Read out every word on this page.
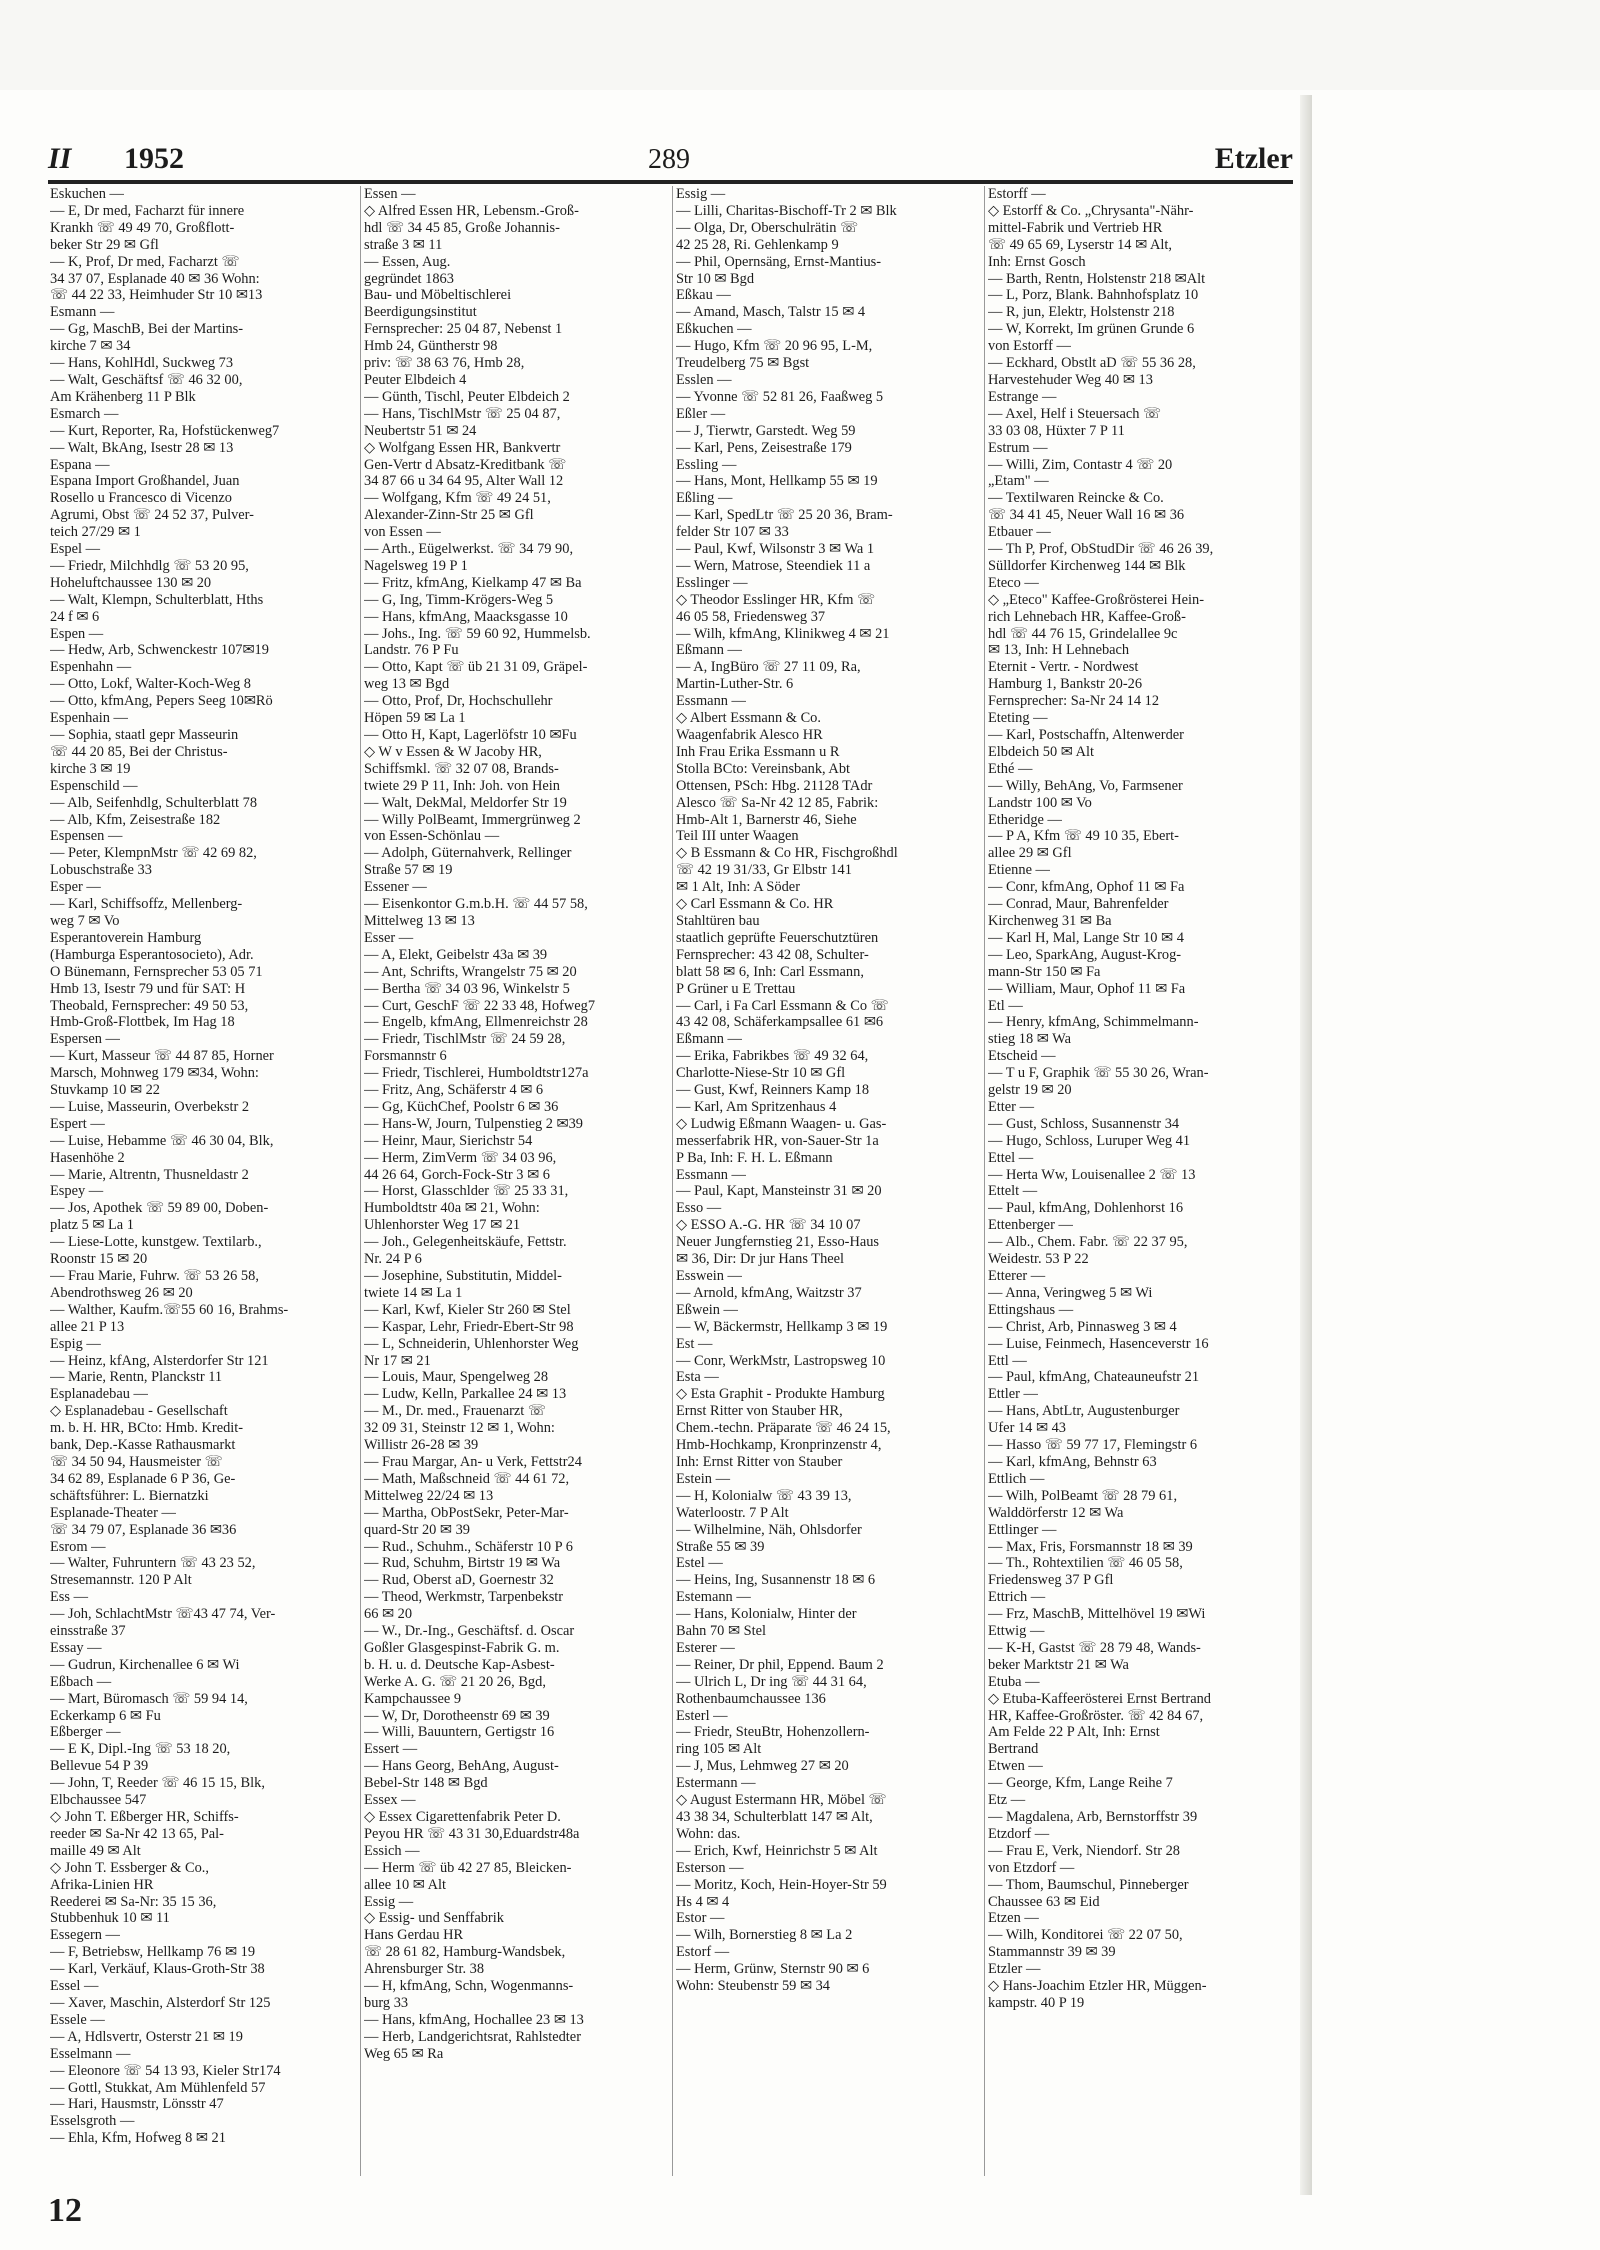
II 1952	289	Etzler
Eskuchen —
— E, Dr med, Facharzt für innere
Krankh ☏ 49 49 70, Großflott-
beker Str 29 ✉ Gfl
— K, Prof, Dr med, Facharzt ☏
34 37 07, Esplanade 40 ✉ 36 Wohn:
☏ 44 22 33, Heimhuder Str 10 ✉13
Esmann —
— Gg, MaschB, Bei der Martins-
kirche 7 ✉ 34
— Hans, KohlHdl, Suckweg 73
— Walt, Geschäftsf ☏ 46 32 00,
Am Krähenberg 11 P Blk
Esmarch —
— Kurt, Reporter, Ra, Hofstückenweg7
— Walt, BkAng, Isestr 28 ✉ 13
Espana —
Espana Import Großhandel, Juan
Rosello u Francesco di Vicenzo
Agrumi, Obst ☏ 24 52 37, Pulver-
teich 27/29 ✉ 1
Espel —
— Friedr, Milchhdlg ☏ 53 20 95,
Hoheluftchaussee 130 ✉ 20
— Walt, Klempn, Schulterblatt, Hths
24 f ✉ 6
Espen —
— Hedw, Arb, Schwenckestr 107✉19
Espenhahn —
— Otto, Lokf, Walter-Koch-Weg 8
— Otto, kfmAng, Pepers Seeg 10✉Rö
Espenhain —
— Sophia, staatl gepr Masseurin
☏ 44 20 85, Bei der Christus-
kirche 3 ✉ 19
Espenschild —
— Alb, Seifenhdlg, Schulterblatt 78
— Alb, Kfm, Zeisestraße 182
Espensen —
— Peter, KlempnMstr ☏ 42 69 82,
Lobuschstraße 33
Esper —
— Karl, Schiffsoffz, Mellenberg-
weg 7 ✉ Vo
Esperantoverein Hamburg
(Hamburga Esperantosocieto), Adr.
O Bünemann, Fernsprecher 53 05 71
Hmb 13, Isestr 79 und für SAT: H
Theobald, Fernsprecher: 49 50 53,
Hmb-Groß-Flottbek, Im Hag 18
Espersen —
— Kurt, Masseur ☏ 44 87 85, Horner
Marsch, Mohnweg 179 ✉34, Wohn:
Stuvkamp 10 ✉ 22
— Luise, Masseurin, Overbekstr 2
Espert —
— Luise, Hebamme ☏ 46 30 04, Blk,
Hasenhöhe 2
— Marie, Altrentn, Thusneldastr 2
Espey —
— Jos, Apothek ☏ 59 89 00, Doben-
platz 5 ✉ La 1
— Liese-Lotte, kunstgew. Textilarb.,
Roonstr 15 ✉ 20
— Frau Marie, Fuhrw. ☏ 53 26 58,
Abendrothsweg 26 ✉ 20
— Walther, Kaufm.☏55 60 16, Brahms-
allee 21 P 13
Espig —
— Heinz, kfAng, Alsterdorfer Str 121
— Marie, Rentn, Planckstr 11
Esplanadebau —
◇ Esplanadebau - Gesellschaft
m. b. H. HR, BCto: Hmb. Kredit-
bank, Dep.-Kasse Rathausmarkt
☏ 34 50 94, Hausmeister ☏
34 62 89, Esplanade 6 P 36, Ge-
schäftsführer: L. Biernatzki
Esplanade-Theater —
☏ 34 79 07, Esplanade 36 ✉36
Esrom —
— Walter, Fuhruntern ☏ 43 23 52,
Stresemannstr. 120 P Alt
Ess —
— Joh, SchlachtMstr ☏43 47 74, Ver-
einsstraße 37
Essay —
— Gudrun, Kirchenallee 6 ✉ Wi
Eßbach —
— Mart, Büromasch ☏ 59 94 14,
Eckerkamp 6 ✉ Fu
Eßberger —
— E K, Dipl.-Ing ☏ 53 18 20,
Bellevue 54 P 39
— John, T, Reeder ☏ 46 15 15, Blk,
Elbchaussee 547
◇ John T. Eßberger HR, Schiffs-
reeder ✉ Sa-Nr 42 13 65, Pal-
maille 49 ✉ Alt
◇ John T. Essberger & Co.,
Afrika-Linien HR
Reederei ✉ Sa-Nr: 35 15 36,
Stubbenhuk 10 ✉ 11
Essegern —
— F, Betriebsw, Hellkamp 76 ✉ 19
— Karl, Verkäuf, Klaus-Groth-Str 38
Essel —
— Xaver, Maschin, Alsterdorf Str 125
Essele —
— A, Hdlsvertr, Osterstr 21 ✉ 19
Esselmann —
— Eleonore ☏ 54 13 93, Kieler Str174
— Gottl, Stukkat, Am Mühlenfeld 57
— Hari, Hausmstr, Lönsstr 47
Esselsgroth —
— Ehla, Kfm, Hofweg 8 ✉ 21
Essen —
◇ Alfred Essen HR, Lebensm.-Groß-
hdl ☏ 34 45 85, Große Johannis-
straße 3 ✉ 11
— Essen, Aug.
gegründet 1863
Bau- und Möbeltischlerei
Beerdigungsinstitut
Fernsprecher: 25 04 87, Nebenst 1
Hmb 24, Güntherstr 98
priv: ☏ 38 63 76, Hmb 28,
Peuter Elbdeich 4
— Günth, Tischl, Peuter Elbdeich 2
— Hans, TischlMstr ☏ 25 04 87,
Neubertstr 51 ✉ 24
◇ Wolfgang Essen HR, Bankvertr
Gen-Vertr d Absatz-Kreditbank ☏
34 87 66 u 34 64 95, Alter Wall 12
— Wolfgang, Kfm ☏ 49 24 51,
Alexander-Zinn-Str 25 ✉ Gfl
von Essen —
— Arth., Eügelwerkst. ☏ 34 79 90,
Nagelsweg 19 P 1
— Fritz, kfmAng, Kielkamp 47 ✉ Ba
— G, Ing, Timm-Krögers-Weg 5
— Hans, kfmAng, Maacksgasse 10
— Johs., Ing. ☏ 59 60 92, Hummelsb.
Landstr. 76 P Fu
— Otto, Kapt ☏ üb 21 31 09, Gräpel-
weg 13 ✉ Bgd
— Otto, Prof, Dr, Hochschullehr
Höpen 59 ✉ La 1
— Otto H, Kapt, Lagerlöfstr 10 ✉Fu
◇ W v Essen & W Jacoby HR,
Schiffsmkl. ☏ 32 07 08, Brands-
twiete 29 P 11, Inh: Joh. von Hein
— Walt, DekMal, Meldorfer Str 19
— Willy PolBeamt, Immergrünweg 2
von Essen-Schönlau —
— Adolph, Güternahverk, Rellinger
Straße 57 ✉ 19
Essener —
— Eisenkontor G.m.b.H. ☏ 44 57 58,
Mittelweg 13 ✉ 13
Esser —
— A, Elekt, Geibelstr 43a ✉ 39
— Ant, Schrifts, Wrangelstr 75 ✉ 20
— Bertha ☏ 34 03 96, Winkelstr 5
— Curt, GeschF ☏ 22 33 48, Hofweg7
— Engelb, kfmAng, Ellmenreichstr 28
— Friedr, TischlMstr ☏ 24 59 28,
Forsmannstr 6
— Friedr, Tischlerei, Humboldtstr127a
— Fritz, Ang, Schäferstr 4 ✉ 6
— Gg, KüchChef, Poolstr 6 ✉ 36
— Hans-W, Journ, Tulpenstieg 2 ✉39
— Heinr, Maur, Sierichstr 54
— Herm, ZimVerm ☏ 34 03 96,
44 26 64, Gorch-Fock-Str 3 ✉ 6
— Horst, Glasschlder ☏ 25 33 31,
Humboldtstr 40a ✉ 21, Wohn:
Uhlenhorster Weg 17 ✉ 21
— Joh., Gelegenheitskäufe, Fettstr.
Nr. 24 P 6
— Josephine, Substitutin, Middel-
twiete 14 ✉ La 1
— Karl, Kwf, Kieler Str 260 ✉ Stel
— Kaspar, Lehr, Friedr-Ebert-Str 98
— L, Schneiderin, Uhlenhorster Weg
Nr 17 ✉ 21
— Louis, Maur, Spengelweg 28
— Ludw, Kelln, Parkallee 24 ✉ 13
— M., Dr. med., Frauenarzt ☏
32 09 31, Steinstr 12 ✉ 1, Wohn:
Willistr 26-28 ✉ 39
— Frau Margar, An- u Verk, Fettstr24
— Math, Maßschneid ☏ 44 61 72,
Mittelweg 22/24 ✉ 13
— Martha, ObPostSekr, Peter-Mar-
quard-Str 20 ✉ 39
— Rud., Schuhm., Schäferstr 10 P 6
— Rud, Schuhm, Birtstr 19 ✉ Wa
— Rud, Oberst aD, Goernestr 32
— Theod, Werkmstr, Tarpenbekstr
66 ✉ 20
— W., Dr.-Ing., Geschäftsf. d. Oscar
Goßler Glasgespinst-Fabrik G. m.
b. H. u. d. Deutsche Kap-Asbest-
Werke A. G. ☏ 21 20 26, Bgd,
Kampchaussee 9
— W, Dr, Dorotheenstr 69 ✉ 39
— Willi, Bauuntern, Gertigstr 16
Essert —
— Hans Georg, BehAng, August-
Bebel-Str 148 ✉ Bgd
Essex —
◇ Essex Cigarettenfabrik Peter D.
Peyou HR ☏ 43 31 30,Eduardstr48a
Essich —
— Herm ☏ üb 42 27 85, Bleicken-
allee 10 ✉ Alt
Essig —
◇ Essig- und Senffabrik
Hans Gerdau HR
☏ 28 61 82, Hamburg-Wandsbek,
Ahrensburger Str. 38
— H, kfmAng, Schn, Wogenmanns-
burg 33
— Hans, kfmAng, Hochallee 23 ✉ 13
— Herb, Landgerichtsrat, Rahlstedter
Weg 65 ✉ Ra
Essig —
— Lilli, Charitas-Bischoff-Tr 2 ✉ Blk
— Olga, Dr, Oberschulrätin ☏
42 25 28, Ri. Gehlenkamp 9
— Phil, Opernsäng, Ernst-Mantius-
Str 10 ✉ Bgd
Eßkau —
— Amand, Masch, Talstr 15 ✉ 4
Eßkuchen —
— Hugo, Kfm ☏ 20 96 95, L-M,
Treudelberg 75 ✉ Bgst
Esslen —
— Yvonne ☏ 52 81 26, Faaßweg 5
Eßler —
— J, Tierwtr, Garstedt. Weg 59
— Karl, Pens, Zeisestraße 179
Essling —
— Hans, Mont, Hellkamp 55 ✉ 19
Eßling —
— Karl, SpedLtr ☏ 25 20 36, Bram-
felder Str 107 ✉ 33
— Paul, Kwf, Wilsonstr 3 ✉ Wa 1
— Wern, Matrose, Steendiek 11 a
Esslinger —
◇ Theodor Esslinger HR, Kfm ☏
46 05 58, Friedensweg 37
— Wilh, kfmAng, Klinikweg 4 ✉ 21
Eßmann —
— A, IngBüro ☏ 27 11 09, Ra,
Martin-Luther-Str. 6
Essmann —
◇ Albert Essmann & Co.
Waagenfabrik Alesco HR
Inh Frau Erika Essmann u R
Stolla BCto: Vereinsbank, Abt
Ottensen, PSch: Hbg. 21128 TAdr
Alesco ☏ Sa-Nr 42 12 85, Fabrik:
Hmb-Alt 1, Barnerstr 46, Siehe
Teil III unter Waagen
◇ B Essmann & Co HR, Fischgroßhdl
☏ 42 19 31/33, Gr Elbstr 141
✉ 1 Alt, Inh: A Söder
◇ Carl Essmann & Co. HR
Stahltüren bau
staatlich geprüfte Feuerschutztüren
Fernsprecher: 43 42 08, Schulter-
blatt 58 ✉ 6, Inh: Carl Essmann,
P Grüner u E Trettau
— Carl, i Fa Carl Essmann & Co ☏
43 42 08, Schäferkampsallee 61 ✉6
Eßmann —
— Erika, Fabrikbes ☏ 49 32 64,
Charlotte-Niese-Str 10 ✉ Gfl
— Gust, Kwf, Reinners Kamp 18
— Karl, Am Spritzenhaus 4
◇ Ludwig Eßmann Waagen- u. Gas-
messerfabrik HR, von-Sauer-Str 1a
P Ba, Inh: F. H. L. Eßmann
Essmann —
— Paul, Kapt, Mansteinstr 31 ✉ 20
Esso —
◇ ESSO A.-G. HR ☏ 34 10 07
Neuer Jungfernstieg 21, Esso-Haus
✉ 36, Dir: Dr jur Hans Theel
Esswein —
— Arnold, kfmAng, Waitzstr 37
Eßwein —
— W, Bäckermstr, Hellkamp 3 ✉ 19
Est —
— Conr, WerkMstr, Lastropsweg 10
Esta —
◇ Esta Graphit - Produkte Hamburg
Ernst Ritter von Stauber HR,
Chem.-techn. Präparate ☏ 46 24 15,
Hmb-Hochkamp, Kronprinzenstr 4,
Inh: Ernst Ritter von Stauber
Estein —
— H, Kolonialw ☏ 43 39 13,
Waterloostr. 7 P Alt
— Wilhelmine, Näh, Ohlsdorfer
Straße 55 ✉ 39
Estel —
— Heins, Ing, Susannenstr 18 ✉ 6
Estemann —
— Hans, Kolonialw, Hinter der
Bahn 70 ✉ Stel
Esterer —
— Reiner, Dr phil, Eppend. Baum 2
— Ulrich L, Dr ing ☏ 44 31 64,
Rothenbaumchaussee 136
Esterl —
— Friedr, SteuBtr, Hohenzollern-
ring 105 ✉ Alt
— J, Mus, Lehmweg 27 ✉ 20
Estermann —
◇ August Estermann HR, Möbel ☏
43 38 34, Schulterblatt 147 ✉ Alt,
Wohn: das.
— Erich, Kwf, Heinrichstr 5 ✉ Alt
Esterson —
— Moritz, Koch, Hein-Hoyer-Str 59
Hs 4 ✉ 4
Estor —
— Wilh, Bornerstieg 8 ✉ La 2
Estorf —
— Herm, Grünw, Sternstr 90 ✉ 6
Wohn: Steubenstr 59 ✉ 34
Estorff —
◇ Estorff & Co. „Chrysanta"-Nähr-
mittel-Fabrik und Vertrieb HR
☏ 49 65 69, Lyserstr 14 ✉ Alt,
Inh: Ernst Gosch
— Barth, Rentn, Holstenstr 218 ✉Alt
— L, Porz, Blank. Bahnhofsplatz 10
— R, jun, Elektr, Holstenstr 218
— W, Korrekt, Im grünen Grunde 6
von Estorff —
— Eckhard, Obstlt aD ☏ 55 36 28,
Harvestehuder Weg 40 ✉ 13
Estrange —
— Axel, Helf i Steuersach ☏
33 03 08, Hüxter 7 P 11
Estrum —
— Willi, Zim, Contastr 4 ☏ 20
„Etam" —
— Textilwaren Reincke & Co.
☏ 34 41 45, Neuer Wall 16 ✉ 36
Etbauer —
— Th P, Prof, ObStudDir ☏ 46 26 39,
Sülldorfer Kirchenweg 144 ✉ Blk
Eteco —
◇ „Eteco" Kaffee-Großrösterei Hein-
rich Lehnebach HR, Kaffee-Groß-
hdl ☏ 44 76 15, Grindelallee 9c
✉ 13, Inh: H Lehnebach
Eternit - Vertr. - Nordwest
Hamburg 1, Bankstr 20-26
Fernsprecher: Sa-Nr 24 14 12
Eteting —
— Karl, Postschaffn, Altenwerder
Elbdeich 50 ✉ Alt
Ethé —
— Willy, BehAng, Vo, Farmsener
Landstr 100 ✉ Vo
Etheridge —
— P A, Kfm ☏ 49 10 35, Ebert-
allee 29 ✉ Gfl
Etienne —
— Conr, kfmAng, Ophof 11 ✉ Fa
— Conrad, Maur, Bahrenfelder
Kirchenweg 31 ✉ Ba
— Karl H, Mal, Lange Str 10 ✉ 4
— Leo, SparkAng, August-Krog-
mann-Str 150 ✉ Fa
— William, Maur, Ophof 11 ✉ Fa
Etl —
— Henry, kfmAng, Schimmelmann-
stieg 18 ✉ Wa
Etscheid —
— T u F, Graphik ☏ 55 30 26, Wran-
gelstr 19 ✉ 20
Etter —
— Gust, Schloss, Susannenstr 34
— Hugo, Schloss, Luruper Weg 41
Ettel —
— Herta Ww, Louisenallee 2 ☏ 13
Ettelt —
— Paul, kfmAng, Dohlenhorst 16
Ettenberger —
— Alb., Chem. Fabr. ☏ 22 37 95,
Weidestr. 53 P 22
Etterer —
— Anna, Veringweg 5 ✉ Wi
Ettingshaus —
— Christ, Arb, Pinnasweg 3 ✉ 4
— Luise, Feinmech, Hasenceverstr 16
Ettl —
— Paul, kfmAng, Chateauneufstr 21
Ettler —
— Hans, AbtLtr, Augustenburger
Ufer 14 ✉ 43
— Hasso ☏ 59 77 17, Flemingstr 6
— Karl, kfmAng, Behnstr 63
Ettlich —
— Wilh, PolBeamt ☏ 28 79 61,
Walddörferstr 12 ✉ Wa
Ettlinger —
— Max, Fris, Forsmannstr 18 ✉ 39
— Th., Rohtextilien ☏ 46 05 58,
Friedensweg 37 P Gfl
Ettrich —
— Frz, MaschB, Mittelhövel 19 ✉Wi
Ettwig —
— K-H, Gastst ☏ 28 79 48, Wands-
beker Marktstr 21 ✉ Wa
Etuba —
◇ Etuba-Kaffeerösterei Ernst Bertrand
HR, Kaffee-Großröster. ☏ 42 84 67,
Am Felde 22 P Alt, Inh: Ernst
Bertrand
Etwen —
— George, Kfm, Lange Reihe 7
Etz —
— Magdalena, Arb, Bernstorffstr 39
Etzdorf —
— Frau E, Verk, Niendorf. Str 28
von Etzdorf —
— Thom, Baumschul, Pinneberger
Chaussee 63 ✉ Eid
Etzen —
— Wilh, Konditorei ☏ 22 07 50,
Stammannstr 39 ✉ 39
Etzler —
◇ Hans-Joachim Etzler HR, Müggen-
kampstr. 40 P 19
12
